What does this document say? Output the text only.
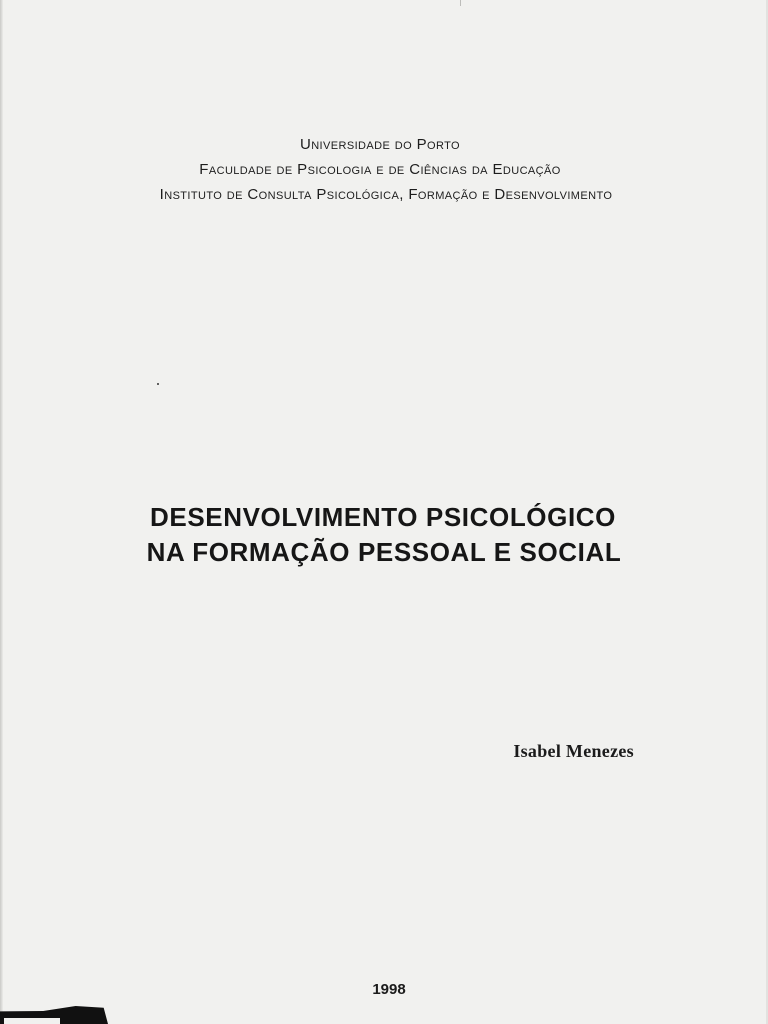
Universidade do Porto
Faculdade de Psicologia e de Ciências da Educação
Instituto de Consulta Psicológica, Formação e Desenvolvimento
DESENVOLVIMENTO PSICOLÓGICO
NA FORMAÇÃO PESSOAL E SOCIAL
Isabel Menezes
1998
